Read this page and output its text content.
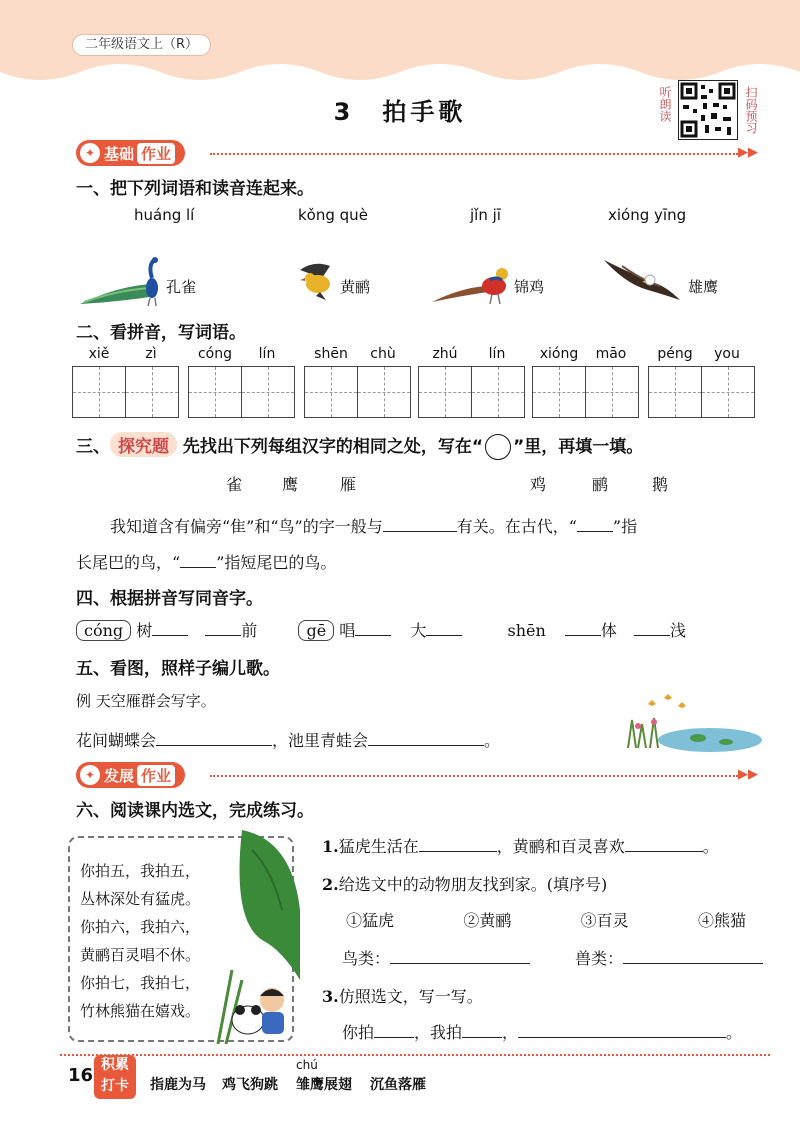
二年级语文上（R）
3 拍手歌	听朗读	扫码预习
✦ 基础 作业	▶▶
一、把下列词语和读音连起来。
huáng lí	kǒng què	jǐn jī	xióng yīng
孔雀	黄鹂	锦鸡	雄鹰
二、看拼音，写词语。
xiě	zì	cóng	lín	shēn	chù	zhú	lín	xióng	māo	péng	you
三、 探究题 先找出下列每组汉字的相同之处，写在“ ”里，再填一填。
雀 鹰	雁	鸡	鹂	鹅
我知道含有偏旁“隹”和“鸟”的字一般与	有关。在古代，“ ”指
长尾巴的鸟，“ ”指短尾巴的鸟。
四、根据拼音写同音字。
cóng 树	前	gē 唱	大	shēn	体	浅
五、看图，照样子编儿歌。
例 天空雁群会写字。
花间蝴蝶会	，池里青蛙会	。
✦ 发展 作业	▶▶
六、阅读课内选文，完成练习。
你拍五，我拍五，
丛林深处有猛虎。
你拍六，我拍六，
黄鹂百灵唱不休。
你拍七，我拍七，
竹林熊猫在嬉戏。
1.猛虎生活在	，黄鹂和百灵喜欢	。
2.给选文中的动物朋友找到家。(填序号)
①猛虎	②黄鹂	③百灵	④熊猫
鸟类：	兽类：
3.仿照选文，写一写。
你拍	，我拍	，	。
16 积累
打卡	指鹿为马 鸡飞狗跳
chú
雏鹰展翅 沉鱼落雁
